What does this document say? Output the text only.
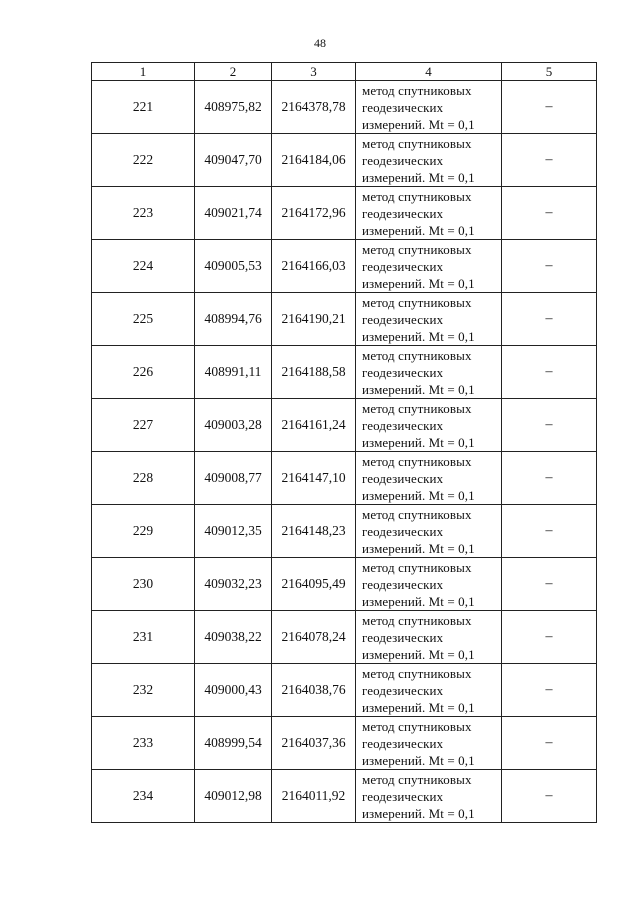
48
1	2	3	4	5
221	408975,82	2164378,78	метод спутниковых
геодезических
измерений. Mt = 0,1	–
222	409047,70	2164184,06	метод спутниковых
геодезических
измерений. Mt = 0,1	–
223	409021,74	2164172,96	метод спутниковых
геодезических
измерений. Mt = 0,1	–
224	409005,53	2164166,03	метод спутниковых
геодезических
измерений. Mt = 0,1	–
225	408994,76	2164190,21	метод спутниковых
геодезических
измерений. Mt = 0,1	–
226	408991,11	2164188,58	метод спутниковых
геодезических
измерений. Mt = 0,1	–
227	409003,28	2164161,24	метод спутниковых
геодезических
измерений. Mt = 0,1	–
228	409008,77	2164147,10	метод спутниковых
геодезических
измерений. Mt = 0,1	–
229	409012,35	2164148,23	метод спутниковых
геодезических
измерений. Mt = 0,1	–
230	409032,23	2164095,49	метод спутниковых
геодезических
измерений. Mt = 0,1	–
231	409038,22	2164078,24	метод спутниковых
геодезических
измерений. Mt = 0,1	–
232	409000,43	2164038,76	метод спутниковых
геодезических
измерений. Mt = 0,1	–
233	408999,54	2164037,36	метод спутниковых
геодезических
измерений. Mt = 0,1	–
234	409012,98	2164011,92	метод спутниковых
геодезических
измерений. Mt = 0,1	–
